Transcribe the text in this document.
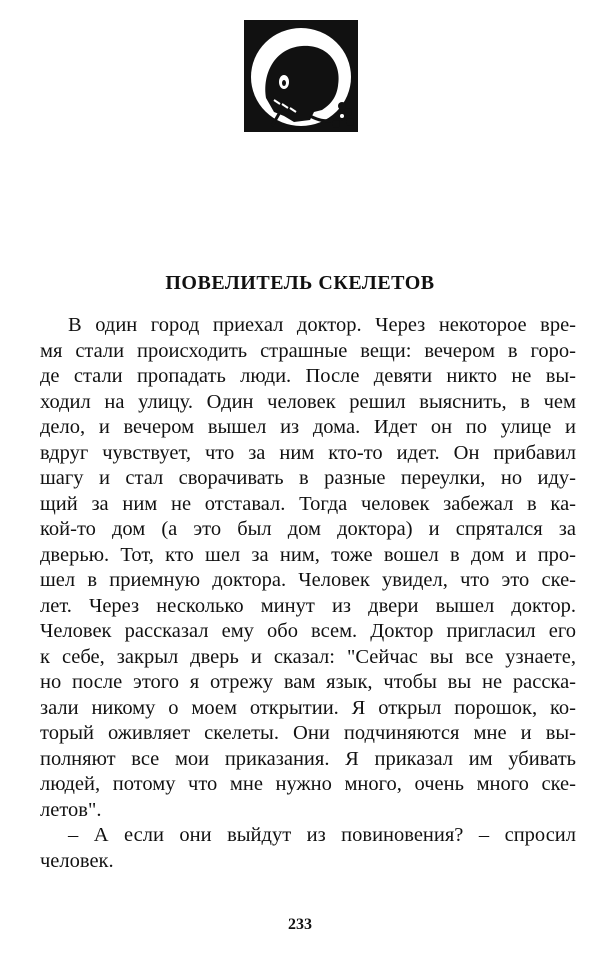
ПОВЕЛИТЕЛЬ СКЕЛЕТОВ
В один город приехал доктор. Через некоторое вре-
мя стали происходить страшные вещи: вечером в горо-
де стали пропадать люди. После девяти никто не вы-
ходил на улицу. Один человек решил выяснить, в чем
дело, и вечером вышел из дома. Идет он по улице и
вдруг чувствует, что за ним кто-то идет. Он прибавил
шагу и стал сворачивать в разные переулки, но иду-
щий за ним не отставал. Тогда человек забежал в ка-
кой-то дом (а это был дом доктора) и спрятался за
дверью. Тот, кто шел за ним, тоже вошел в дом и про-
шел в приемную доктора. Человек увидел, что это ске-
лет. Через несколько минут из двери вышел доктор.
Человек рассказал ему обо всем. Доктор пригласил его
к себе, закрыл дверь и сказал: "Сейчас вы все узнаете,
но после этого я отрежу вам язык, чтобы вы не расска-
зали никому о моем открытии. Я открыл порошок, ко-
торый оживляет скелеты. Они подчиняются мне и вы-
полняют все мои приказания. Я приказал им убивать
людей, потому что мне нужно много, очень много ске-
летов".
– А если они выйдут из повиновения? – спросил
человек.
233
